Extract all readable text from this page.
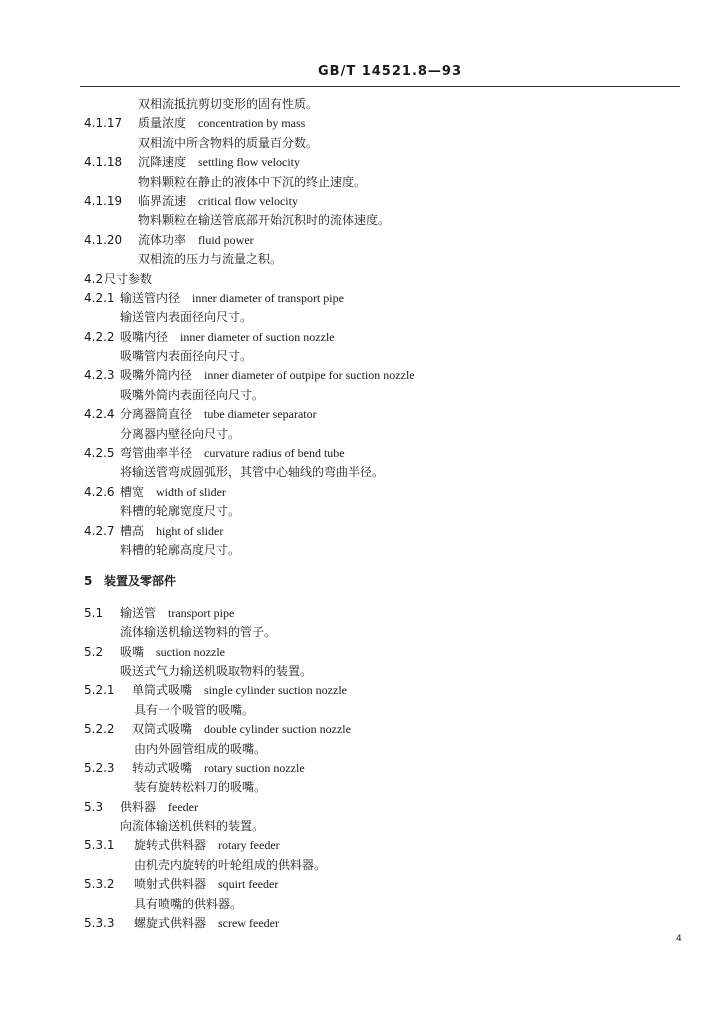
GB/T 14521.8—93
双相流抵抗剪切变形的固有性质。
4.1.17 质量浓度 concentration by mass
双相流中所含物料的质量百分数。
4.1.18 沉降速度 settling flow velocity
物料颗粒在静止的液体中下沉的终止速度。
4.1.19 临界流速 critical flow velocity
物料颗粒在输送管底部开始沉积时的流体速度。
4.1.20 流体功率 fluid power
双相流的压力与流量之积。
4.2 尺寸参数
4.2.1 输送管内径 inner diameter of transport pipe
输送管内表面径向尺寸。
4.2.2 吸嘴内径 inner diameter of suction nozzle
吸嘴管内表面径向尺寸。
4.2.3 吸嘴外筒内径 inner diameter of outpipe for suction nozzle
吸嘴外筒内表面径向尺寸。
4.2.4 分离器筒直径 tube diameter separator
分离器内壁径向尺寸。
4.2.5 弯管曲率半径 curvature radius of bend tube
将输送管弯成圆弧形，其管中心轴线的弯曲半径。
4.2.6 槽宽 width of slider
料槽的轮廓宽度尺寸。
4.2.7 槽高 hight of slider
料槽的轮廓高度尺寸。
5 装置及零部件
5.1 输送管 transport pipe
流体输送机输送物料的管子。
5.2 吸嘴 suction nozzle
吸送式气力输送机吸取物料的装置。
5.2.1 单筒式吸嘴 single cylinder suction nozzle
具有一个吸管的吸嘴。
5.2.2 双筒式吸嘴 double cylinder suction nozzle
由内外圆管组成的吸嘴。
5.2.3 转动式吸嘴 rotary suction nozzle
装有旋转松料刀的吸嘴。
5.3 供料器 feeder
向流体输送机供料的装置。
5.3.1 旋转式供料器 rotary feeder
由机壳内旋转的叶轮组成的供料器。
5.3.2 喷射式供料器 squirt feeder
具有喷嘴的供料器。
5.3.3 螺旋式供料器 screw feeder
4
